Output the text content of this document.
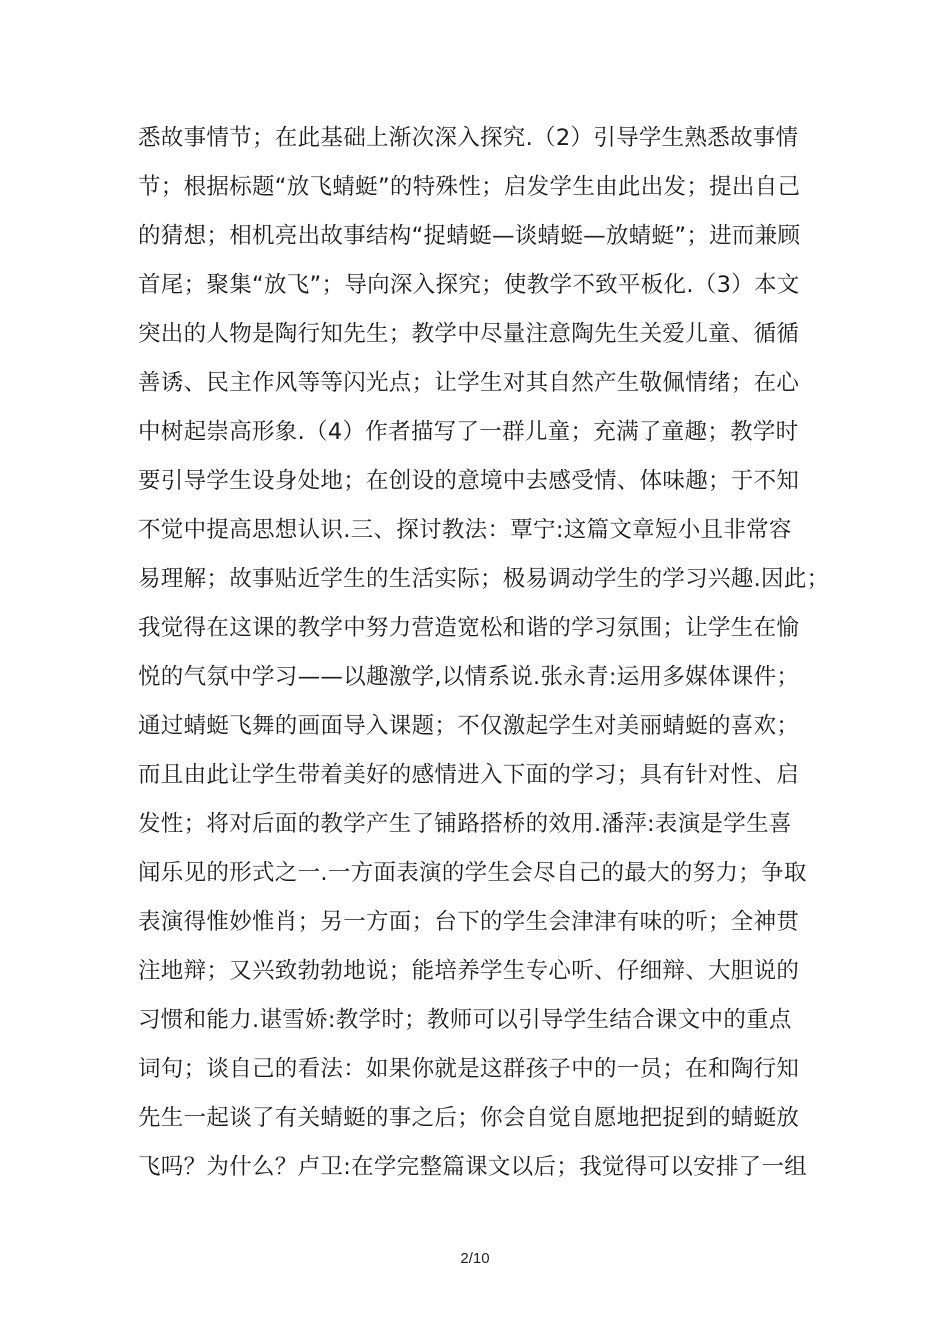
悉故事情节；在此基础上渐次深入探究.（2）引导学生熟悉故事情
节；根据标题“放飞蜻蜓”的特殊性；启发学生由此出发；提出自己
的猜想；相机亮出故事结构“捉蜻蜓—谈蜻蜓—放蜻蜓”；进而兼顾
首尾；聚集“放飞”；导向深入探究；使教学不致平板化.（3）本文
突出的人物是陶行知先生；教学中尽量注意陶先生关爱儿童、循循
善诱、民主作风等等闪光点；让学生对其自然产生敬佩情绪；在心
中树起崇高形象.（4）作者描写了一群儿童；充满了童趣；教学时
要引导学生设身处地；在创设的意境中去感受情、体味趣；于不知
不觉中提高思想认识.三、探讨教法：覃宁:这篇文章短小且非常容
易理解；故事贴近学生的生活实际；极易调动学生的学习兴趣.因此；
我觉得在这课的教学中努力营造宽松和谐的学习氛围；让学生在愉
悦的气氛中学习——以趣激学,以情系说.张永青:运用多媒体课件；
通过蜻蜓飞舞的画面导入课题；不仅激起学生对美丽蜻蜓的喜欢；
而且由此让学生带着美好的感情进入下面的学习；具有针对性、启
发性；将对后面的教学产生了铺路搭桥的效用.潘萍:表演是学生喜
闻乐见的形式之一.一方面表演的学生会尽自己的最大的努力；争取
表演得惟妙惟肖；另一方面；台下的学生会津津有味的听；全神贯
注地辩；又兴致勃勃地说；能培养学生专心听、仔细辩、大胆说的
习惯和能力.谌雪娇:教学时；教师可以引导学生结合课文中的重点
词句；谈自己的看法：如果你就是这群孩子中的一员；在和陶行知
先生一起谈了有关蜻蜓的事之后；你会自觉自愿地把捉到的蜻蜓放
飞吗？为什么？卢卫:在学完整篇课文以后；我觉得可以安排了一组
2/10
